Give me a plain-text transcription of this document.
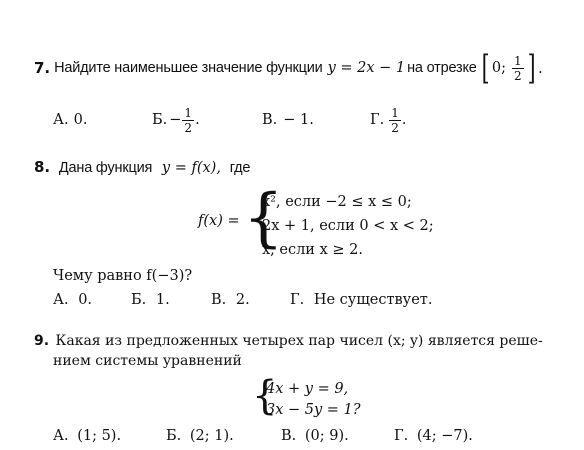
7. Найдите наименьшее значение функции y = 2x − 1 на отрезке [ 0; $\frac{1}{2}$ ] .
А. 0.	Б. − $\frac{1}{2}$ .	В. − 1.	Г. $\frac{1}{2}$ .
8. Дана функция y = f(x), где
f(x) = {
x², если −2 ≤ x ≤ 0;
2x + 1, если 0 < x < 2;
x, если x ≥ 2.
Чему равно f(−3)?
А. 0.	Б. 1.	В. 2.	Г. Не существует.
9. Какая из предложенных четырех пар чисел (x; y) является реше-
нием системы уравнений
{
4x + y = 9,
3x − 5y = 1?
А. (1; 5).	Б. (2; 1).	В. (0; 9).	Г. (4; −7).
